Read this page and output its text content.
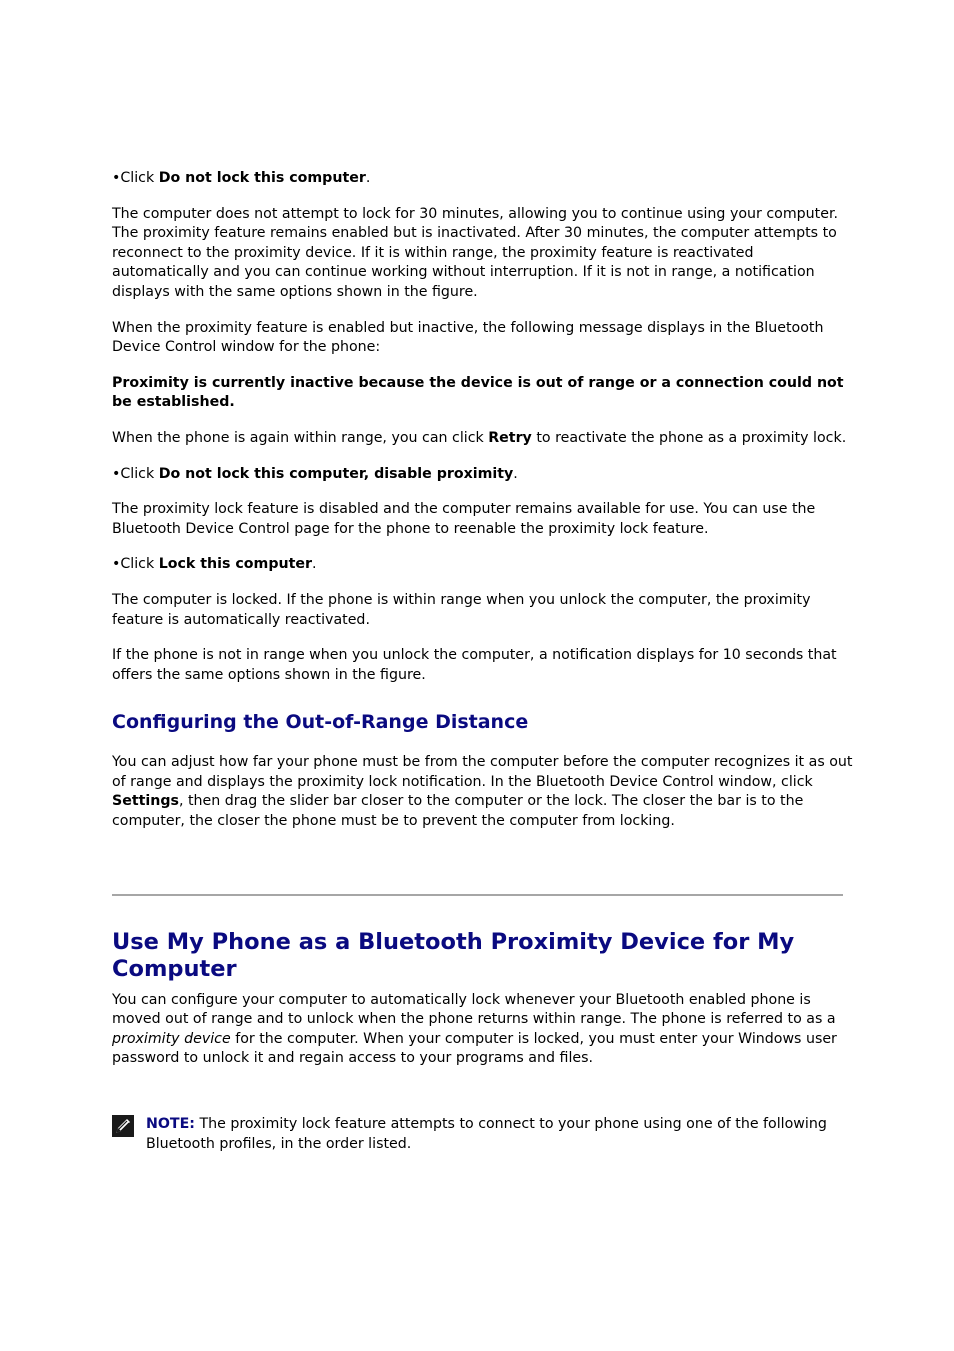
•Click Do not lock this computer.

The computer does not attempt to lock for 30 minutes, allowing you to continue using your computer. The proximity feature remains enabled but is inactivated. After 30 minutes, the computer attempts to reconnect to the proximity device. If it is within range, the proximity feature is reactivated automatically and you can continue working without interruption. If it is not in range, a notification displays with the same options shown in the figure.

When the proximity feature is enabled but inactive, the following message displays in the Bluetooth Device Control window for the phone:

Proximity is currently inactive because the device is out of range or a connection could not be established.

When the phone is again within range, you can click Retry to reactivate the phone as a proximity lock.

•Click Do not lock this computer, disable proximity.

The proximity lock feature is disabled and the computer remains available for use. You can use the Bluetooth Device Control page for the phone to reenable the proximity lock feature.

•Click Lock this computer.

The computer is locked. If the phone is within range when you unlock the computer, the proximity feature is automatically reactivated.

If the phone is not in range when you unlock the computer, a notification displays for 10 seconds that offers the same options shown in the figure.

Configuring the Out-of-Range Distance

You can adjust how far your phone must be from the computer before the computer recognizes it as out of range and displays the proximity lock notification. In the Bluetooth Device Control window, click Settings, then drag the slider bar closer to the computer or the lock. The closer the bar is to the computer, the closer the phone must be to prevent the computer from locking.

Use My Phone as a Bluetooth Proximity Device for My Computer

You can configure your computer to automatically lock whenever your Bluetooth enabled phone is moved out of range and to unlock when the phone returns within range. The phone is referred to as a proximity device for the computer. When your computer is locked, you must enter your Windows user password to unlock it and regain access to your programs and files.

NOTE: The proximity lock feature attempts to connect to your phone using one of the following Bluetooth profiles, in the order listed.
